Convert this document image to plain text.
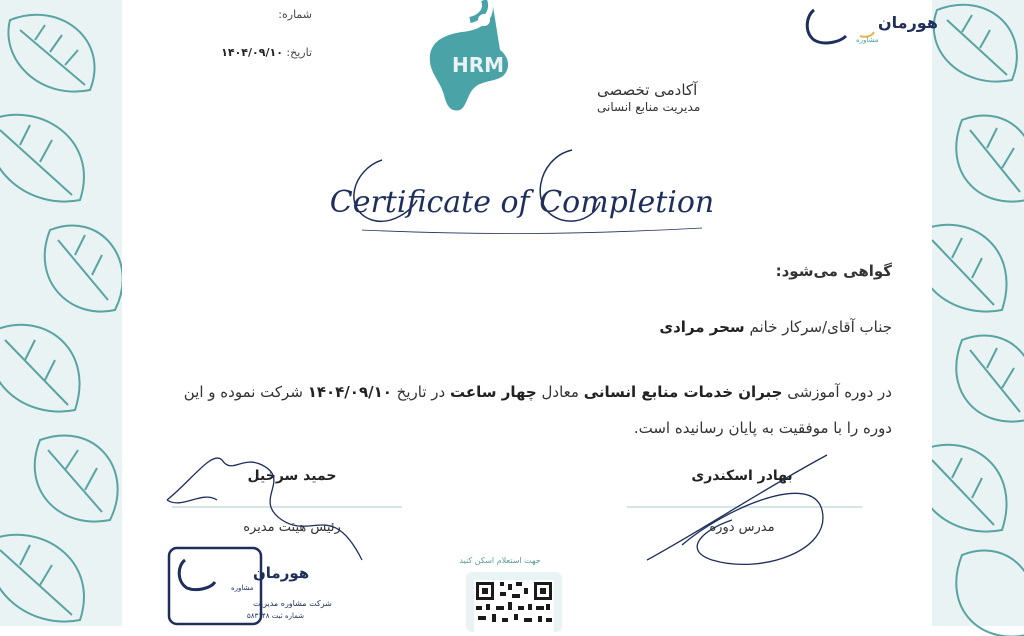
شماره:
تاریخ: ۱۴۰۴/۰۹/۱۰
HRM
آکادمی تخصصی
مدیریت منابع انسانی
هورمان
مشاوره
Certificate of Completion
گواهی می‌شود:
جناب آقای/سرکار خانم سحر مرادی
در دوره آموزشی جبران خدمات منابع انسانی معادل چهار ساعت در تاریخ ۱۴۰۴/۰۹/۱۰ شرکت نموده و این
دوره را با موفقیت به پایان رسانیده است.
حمید سرخیل
رئیس هیئت مدیره
بهادر اسکندری
مدرس دوره
هورمان
مشاوره
شرکت مشاوره مدیریت
شماره ثبت ۵۸۳۱۴۸
جهت استعلام اسکن کنید
